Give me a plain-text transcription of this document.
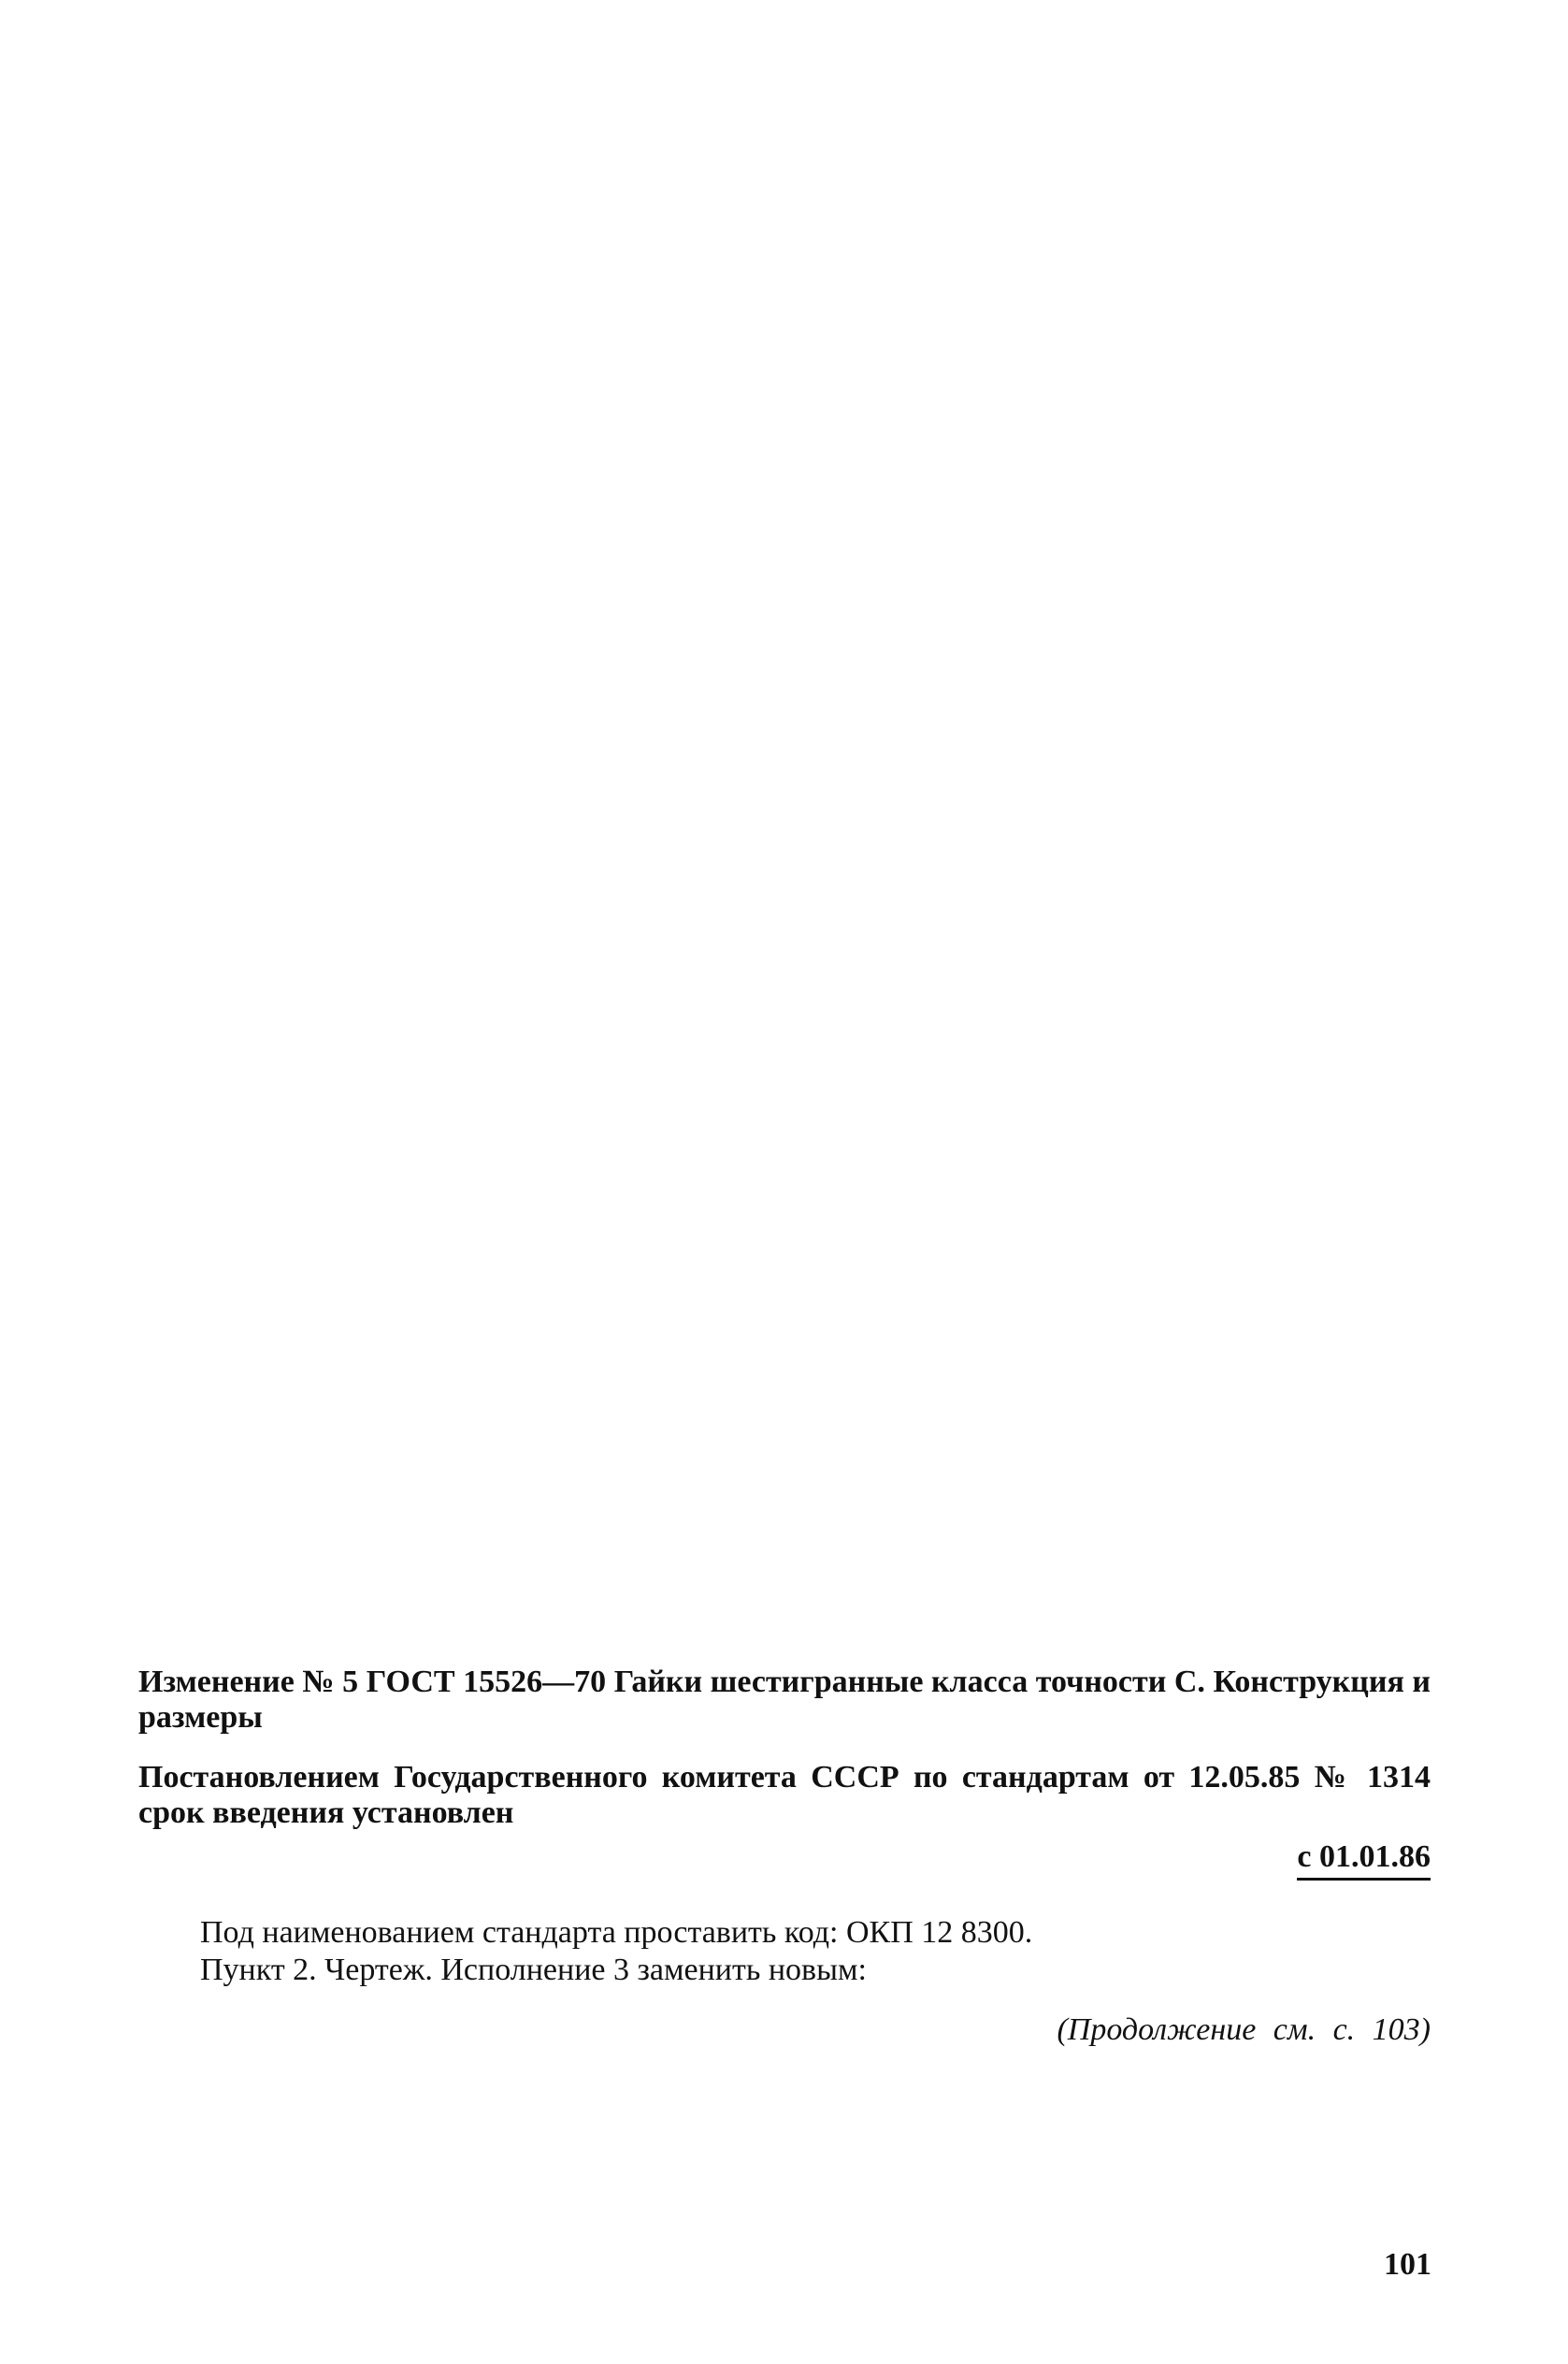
Изменение № 5 ГОСТ 15526—70 Гайки шестигранные класса точности С. Конструкция и размеры

Постановлением Государственного комитета СССР по стандартам от 12.05.85 № 1314 срок введения установлен

с 01.01.86

Под наименованием стандарта проставить код: ОКП 12 8300.

Пункт 2. Чертеж. Исполнение 3 заменить новым:

(Продолжение см. с. 103)

101
